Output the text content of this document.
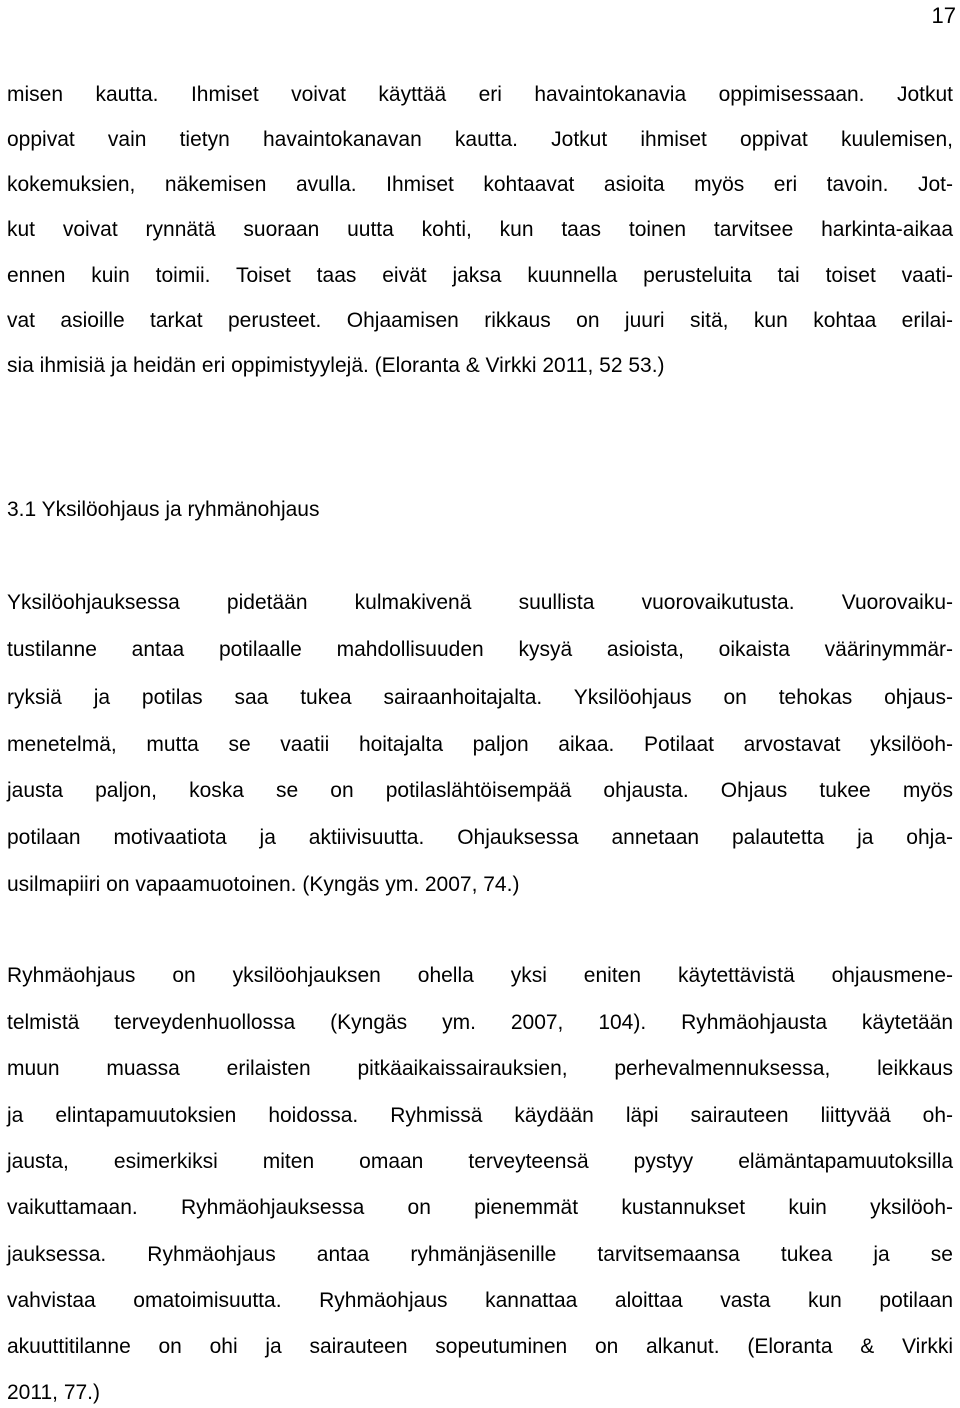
17
misen kautta. Ihmiset voivat käyttää eri havaintokanavia oppimisessaan. Jotkut
oppivat vain tietyn havaintokanavan kautta. Jotkut ihmiset oppivat kuulemisen,
kokemuksien, näkemisen avulla. Ihmiset kohtaavat asioita myös eri tavoin. Jot-
kut voivat rynnätä suoraan uutta kohti, kun taas toinen tarvitsee harkinta-aikaa
ennen kuin toimii. Toiset taas eivät jaksa kuunnella perusteluita tai toiset vaati-
vat asioille tarkat perusteet. Ohjaamisen rikkaus on juuri sitä, kun kohtaa erilai-
sia ihmisiä ja heidän eri oppimistyylejä. (Eloranta & Virkki 2011, 52 53.)
3.1 Yksilöohjaus ja ryhmänohjaus
Yksilöohjauksessa pidetään kulmakivenä suullista vuorovaikutusta. Vuorovaiku-
tustilanne antaa potilaalle mahdollisuuden kysyä asioista, oikaista väärinymmär-
ryksiä ja potilas saa tukea sairaanhoitajalta. Yksilöohjaus on tehokas ohjaus-
menetelmä, mutta se vaatii hoitajalta paljon aikaa. Potilaat arvostavat yksilöoh-
jausta paljon, koska se on potilaslähtöisempää ohjausta. Ohjaus tukee myös
potilaan motivaatiota ja aktiivisuutta. Ohjauksessa annetaan palautetta ja ohja-
usilmapiiri on vapaamuotoinen. (Kyngäs ym. 2007, 74.)
Ryhmäohjaus on yksilöohjauksen ohella yksi eniten käytettävistä ohjausmene-
telmistä terveydenhuollossa (Kyngäs ym. 2007, 104). Ryhmäohjausta käytetään
muun muassa erilaisten pitkäaikaissairauksien, perhevalmennuksessa, leikkaus
ja elintapamuutoksien hoidossa. Ryhmissä käydään läpi sairauteen liittyvää oh-
jausta, esimerkiksi miten omaan terveyteensä pystyy elämäntapamuutoksilla
vaikuttamaan. Ryhmäohjauksessa on pienemmät kustannukset kuin yksilöoh-
jauksessa. Ryhmäohjaus antaa ryhmänjäsenille tarvitsemaansa tukea ja se
vahvistaa omatoimisuutta. Ryhmäohjaus kannattaa aloittaa vasta kun potilaan
akuuttitilanne on ohi ja sairauteen sopeutuminen on alkanut. (Eloranta & Virkki
2011, 77.)
